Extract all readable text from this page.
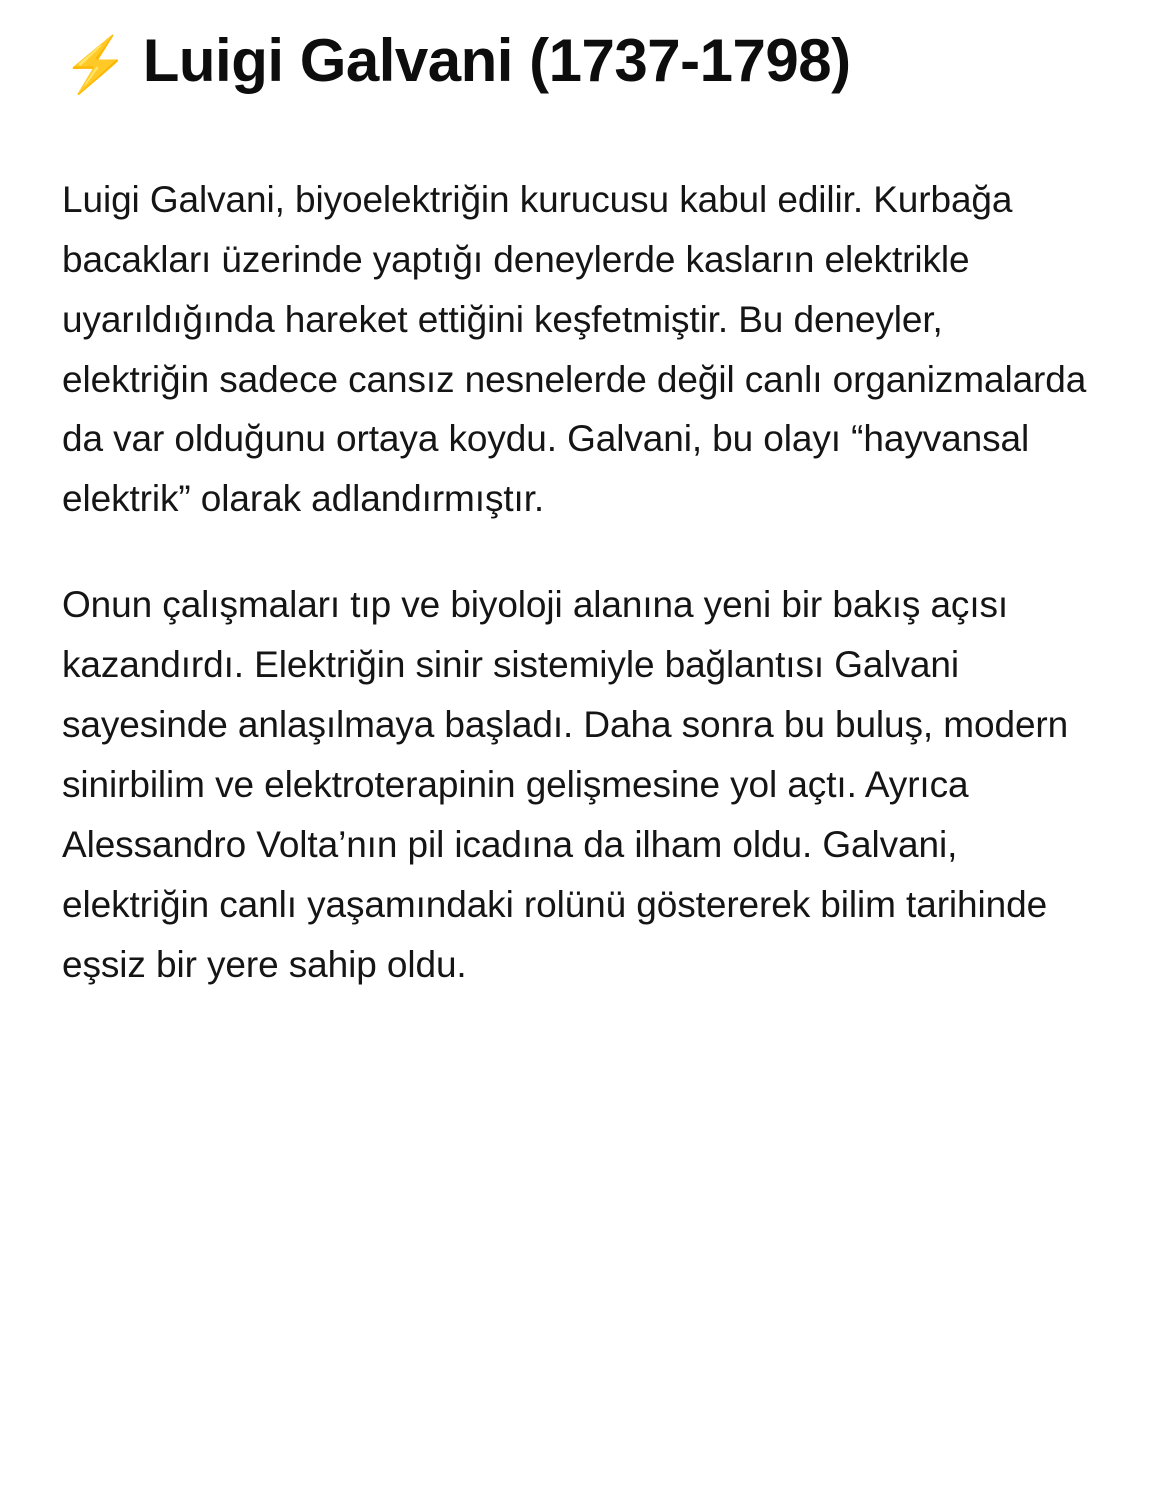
⚡ Luigi Galvani (1737-1798)

Luigi Galvani, biyoelektriğin kurucusu kabul edilir. Kurbağa bacakları üzerinde yaptığı deneylerde kasların elektrikle uyarıldığında hareket ettiğini keşfetmiştir. Bu deneyler, elektriğin sadece cansız nesnelerde değil canlı organizmalarda da var olduğunu ortaya koydu. Galvani, bu olayı “hayvansal elektrik” olarak adlandırmıştır.

Onun çalışmaları tıp ve biyoloji alanına yeni bir bakış açısı kazandırdı. Elektriğin sinir sistemiyle bağlantısı Galvani sayesinde anlaşılmaya başladı. Daha sonra bu buluş, modern sinirbilim ve elektroterapinin gelişmesine yol açtı. Ayrıca Alessandro Volta’nın pil icadına da ilham oldu. Galvani, elektriğin canlı yaşamındaki rolünü göstererek bilim tarihinde eşsiz bir yere sahip oldu.
